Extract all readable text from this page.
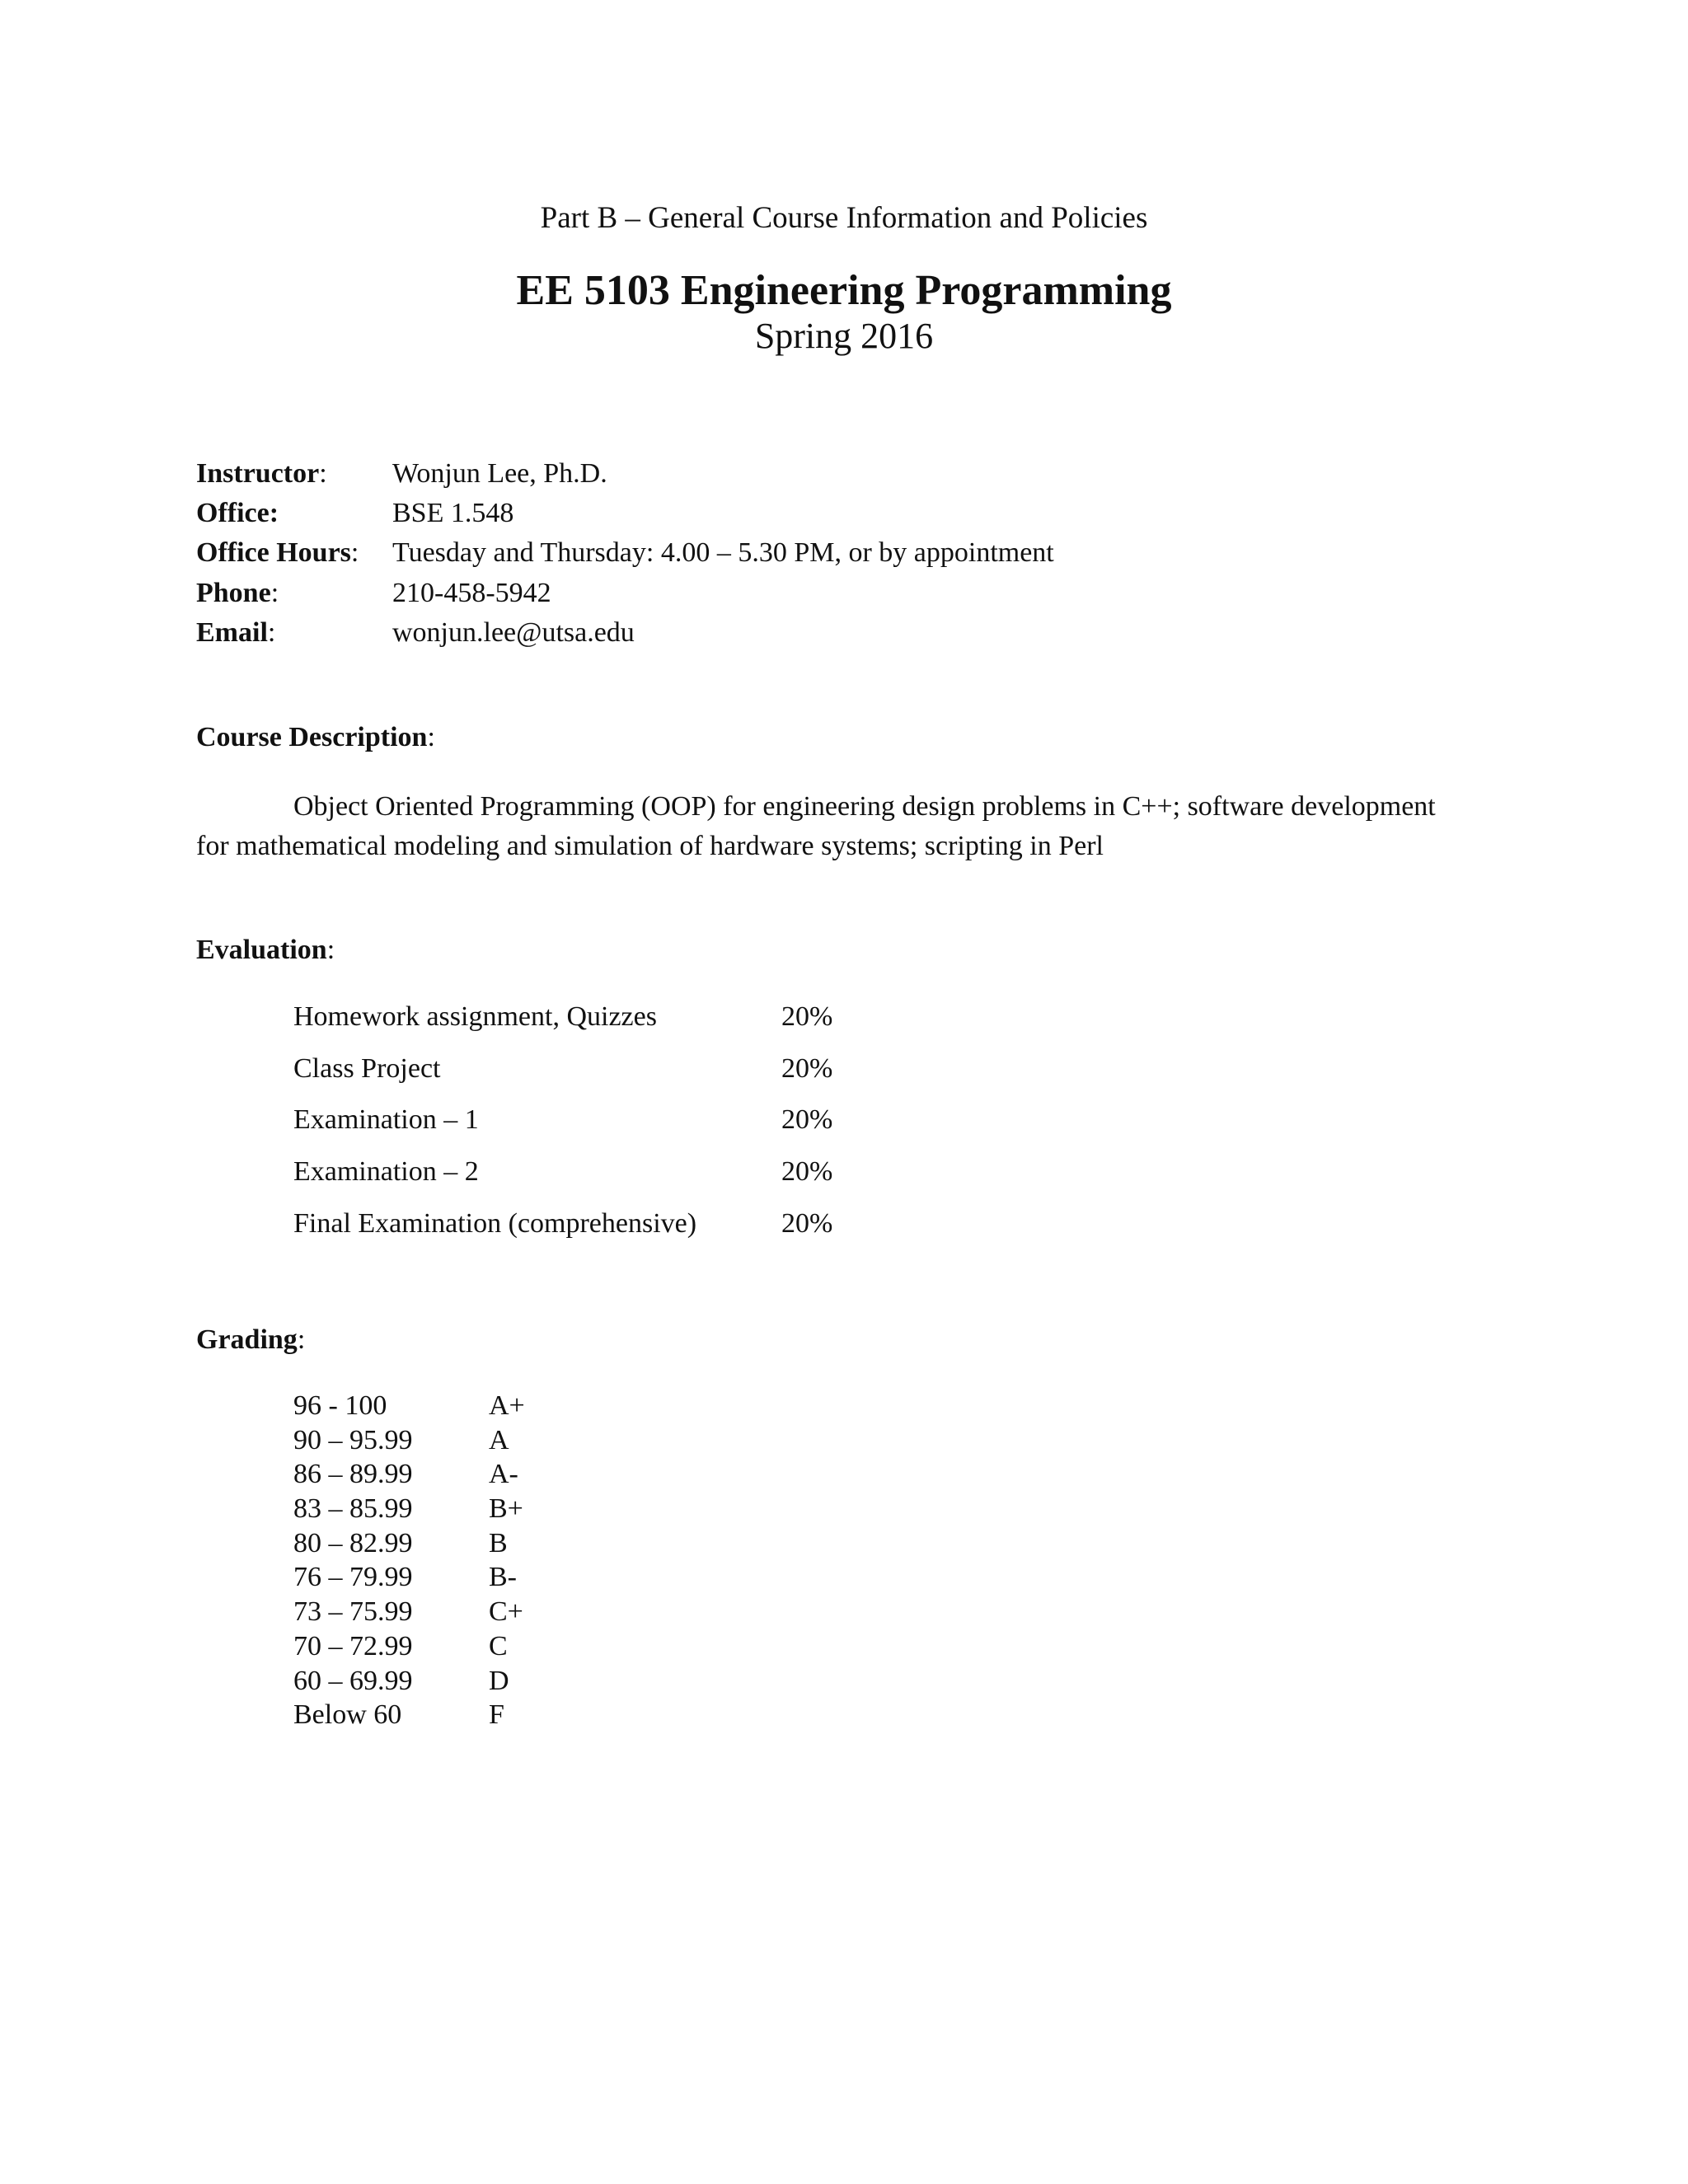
Part B – General Course Information and Policies
EE 5103 Engineering Programming
Spring 2016
Instructor: Wonjun Lee, Ph.D.
Office:	BSE 1.548
Office Hours: Tuesday and Thursday: 4.00 – 5.30 PM, or by appointment
Phone:	210-458-5942
Email:	wonjun.lee@utsa.edu
Course Description:
Object Oriented Programming (OOP) for engineering design problems in C++; software development
for mathematical modeling and simulation of hardware systems; scripting in Perl
Evaluation:
Homework assignment, Quizzes	20%
Class Project	20%
Examination – 1	20%
Examination – 2	20%
Final Examination (comprehensive)	20%
Grading:
96 - 100	A+
90 – 95.99	A
86 – 89.99	A-
83 – 85.99	B+
80 – 82.99	B
76 – 79.99	B-
73 – 75.99	C+
70 – 72.99	C
60 – 69.99	D
Below 60	F
